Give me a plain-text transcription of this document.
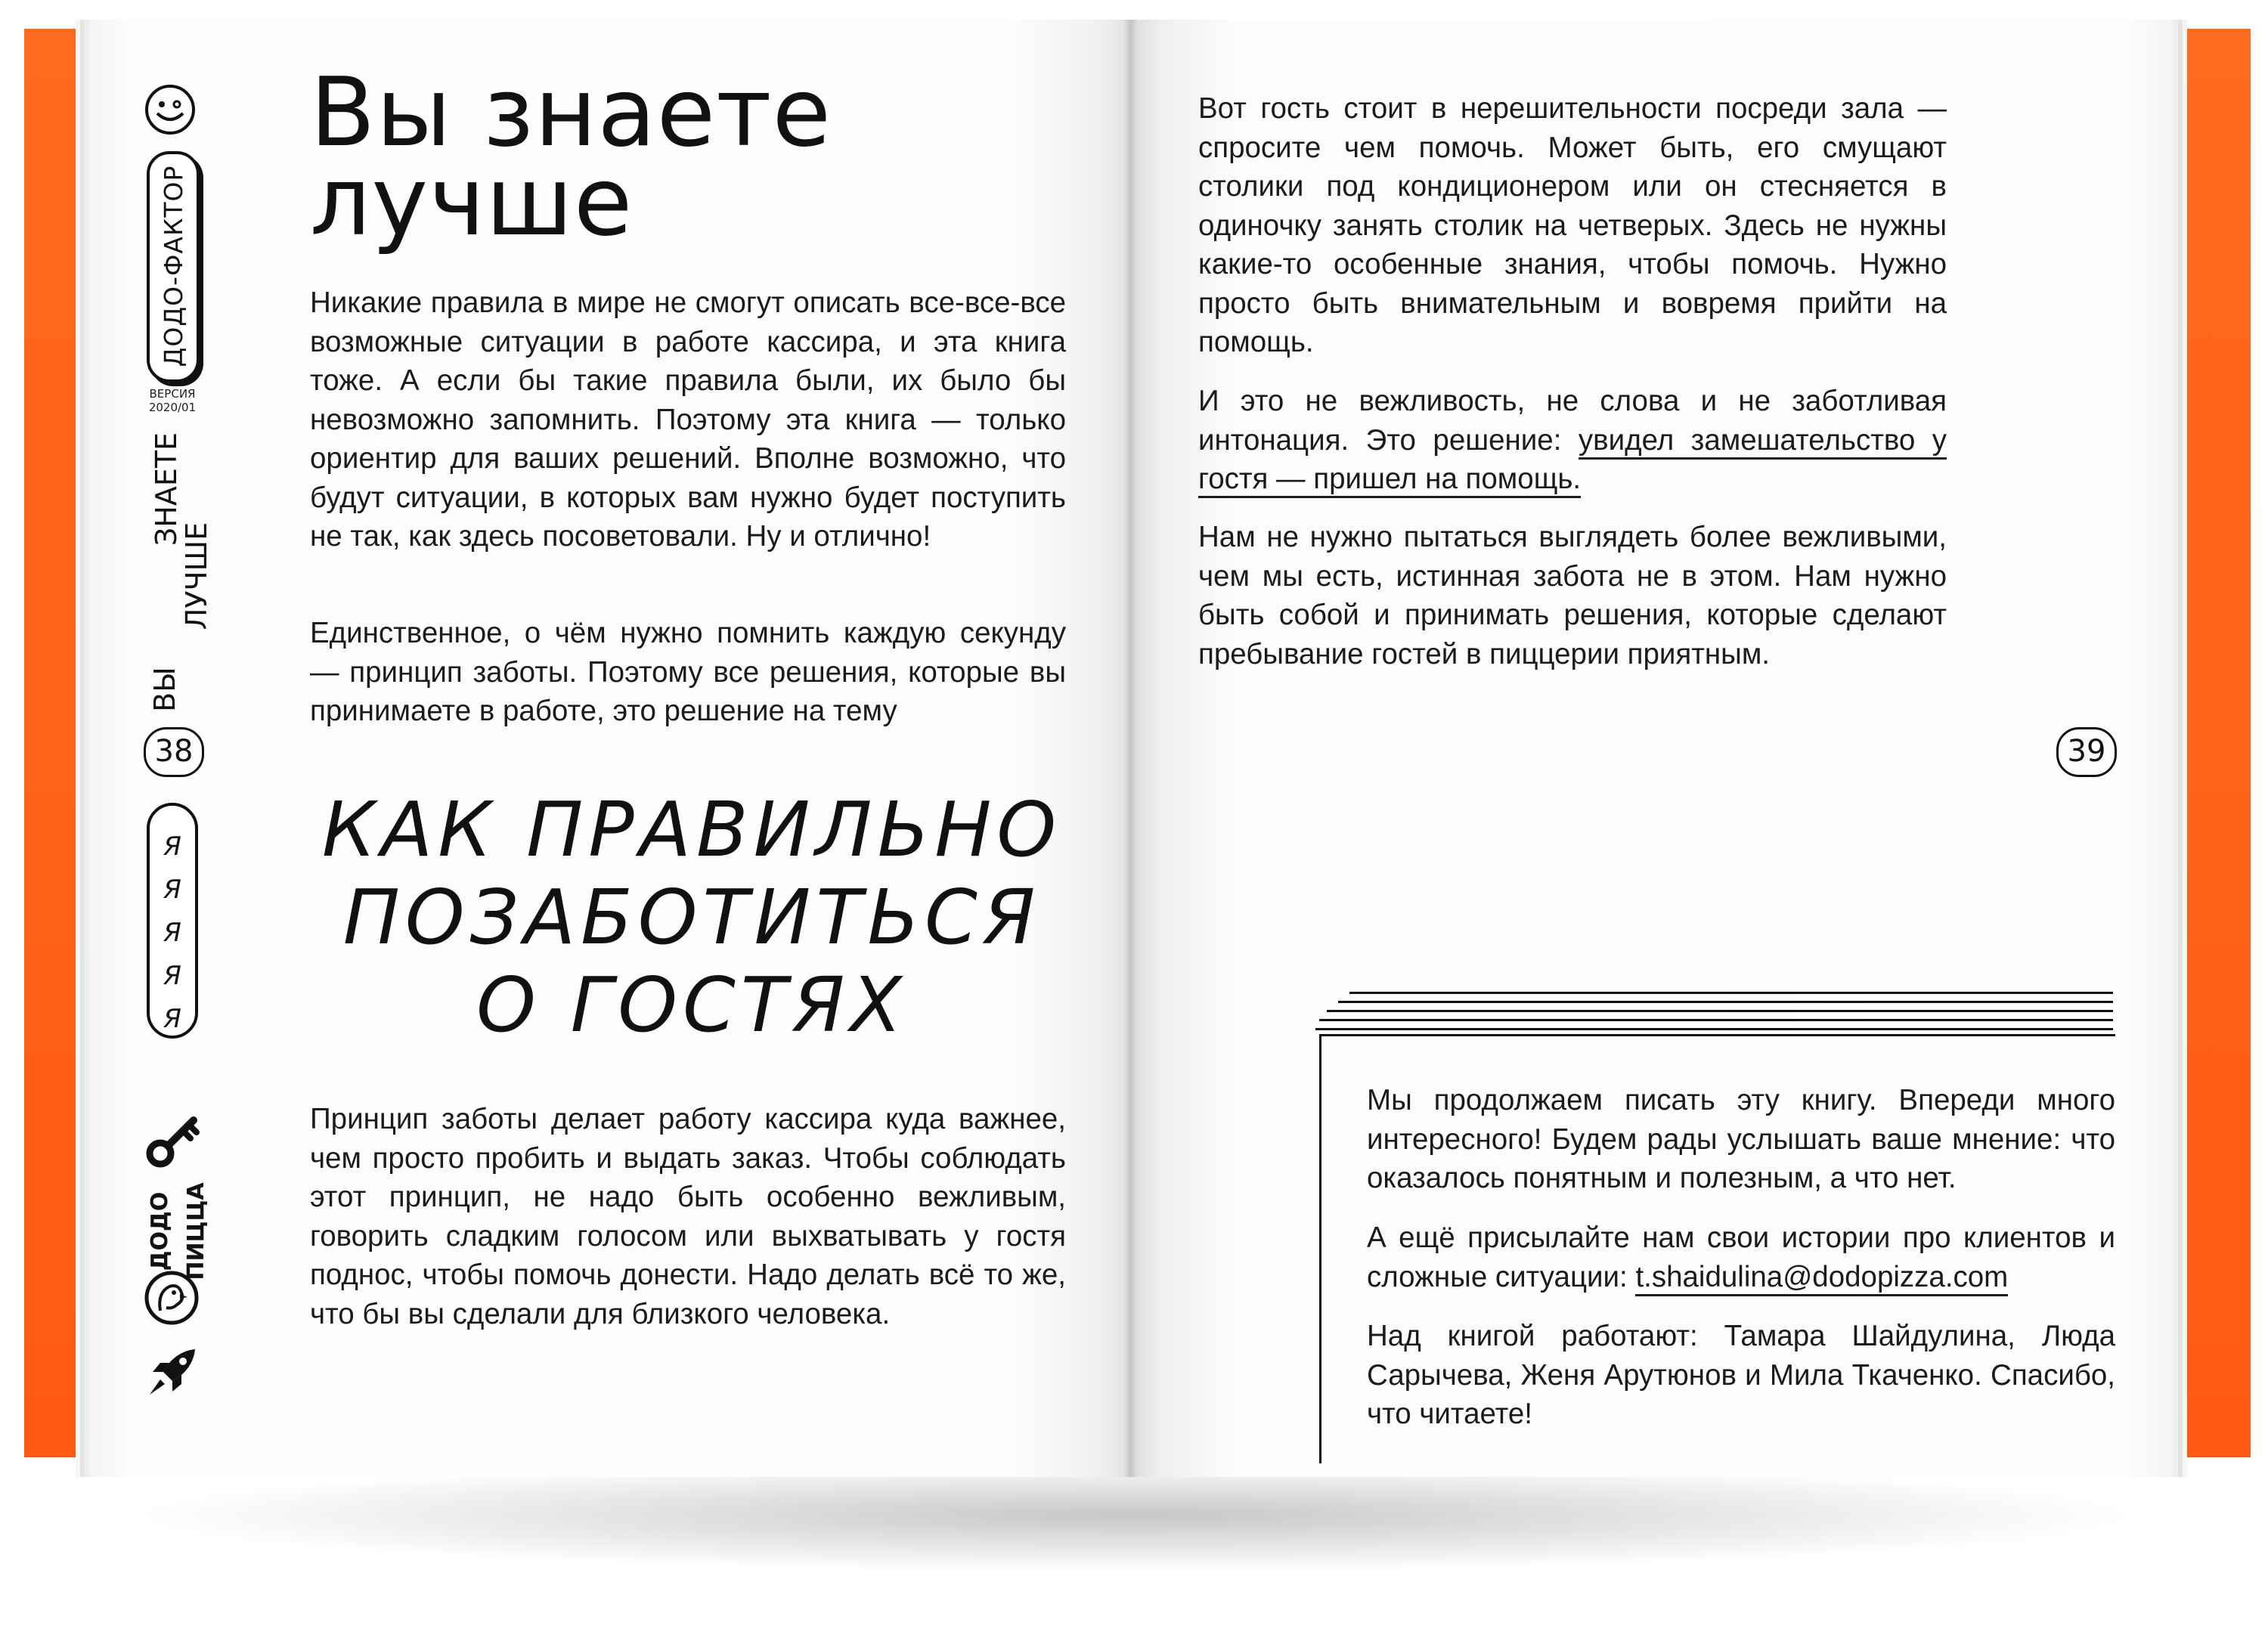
ДОДО-ФАКТОР
ВЕРСИЯ 2020/01
ВЫ
ЗНАЕТЕ
ЛУЧШЕ
38
Я
Я
Я
Я
Я
ДОДО ПИЦЦА
Вы знаете
лучше

Никакие правила в мире не смогут описать все-все-все возможные ситуации в работе кассира, и эта книга тоже. А если бы такие правила были, их было бы невозможно запомнить. Поэтому эта книга — только ориентир для ваших решений. Вполне возможно, что будут ситуации, в которых вам нужно будет поступить не так, как здесь посоветовали. Ну и отлично!

Единственное, о чём нужно помнить каждую секунду — принцип заботы. Поэтому все решения, которые вы принимаете в работе, это решение на тему

КАК ПРАВИЛЬНО
ПОЗАБОТИТЬСЯ
О ГОСТЯХ

Принцип заботы делает работу кассира куда важнее, чем просто пробить и выдать заказ. Чтобы соблюдать этот принцип, не надо быть особенно вежливым, говорить сладким голосом или выхватывать у гостя поднос, чтобы помочь донести. Надо делать всё то же, что бы вы сделали для близкого человека.

Вот гость стоит в нерешительности посреди зала — спросите чем помочь. Может быть, его смущают столики под кондиционером или он стесняется в одиночку занять столик на четверых. Здесь не нужны какие-то особенные знания, чтобы помочь. Нужно просто быть внимательным и вовремя прийти на помощь.

И это не вежливость, не слова и не заботливая интонация. Это решение: увидел замешательство у гостя — пришел на помощь.

Нам не нужно пытаться выглядеть более вежливыми, чем мы есть, истинная забота не в этом. Нам нужно быть собой и принимать решения, которые сделают пребывание гостей в пиццерии приятным.

39

Мы продолжаем писать эту книгу. Впереди много интересного! Будем рады услышать ваше мнение: что оказалось понятным и полезным, а что нет.

А ещё присылайте нам свои истории про клиентов и сложные ситуации: t.shaidulina@dodopizza.com

Над книгой работают: Тамара Шайдулина, Люда Сарычева, Женя Арутюнов и Мила Ткаченко. Спасибо, что читаете!
